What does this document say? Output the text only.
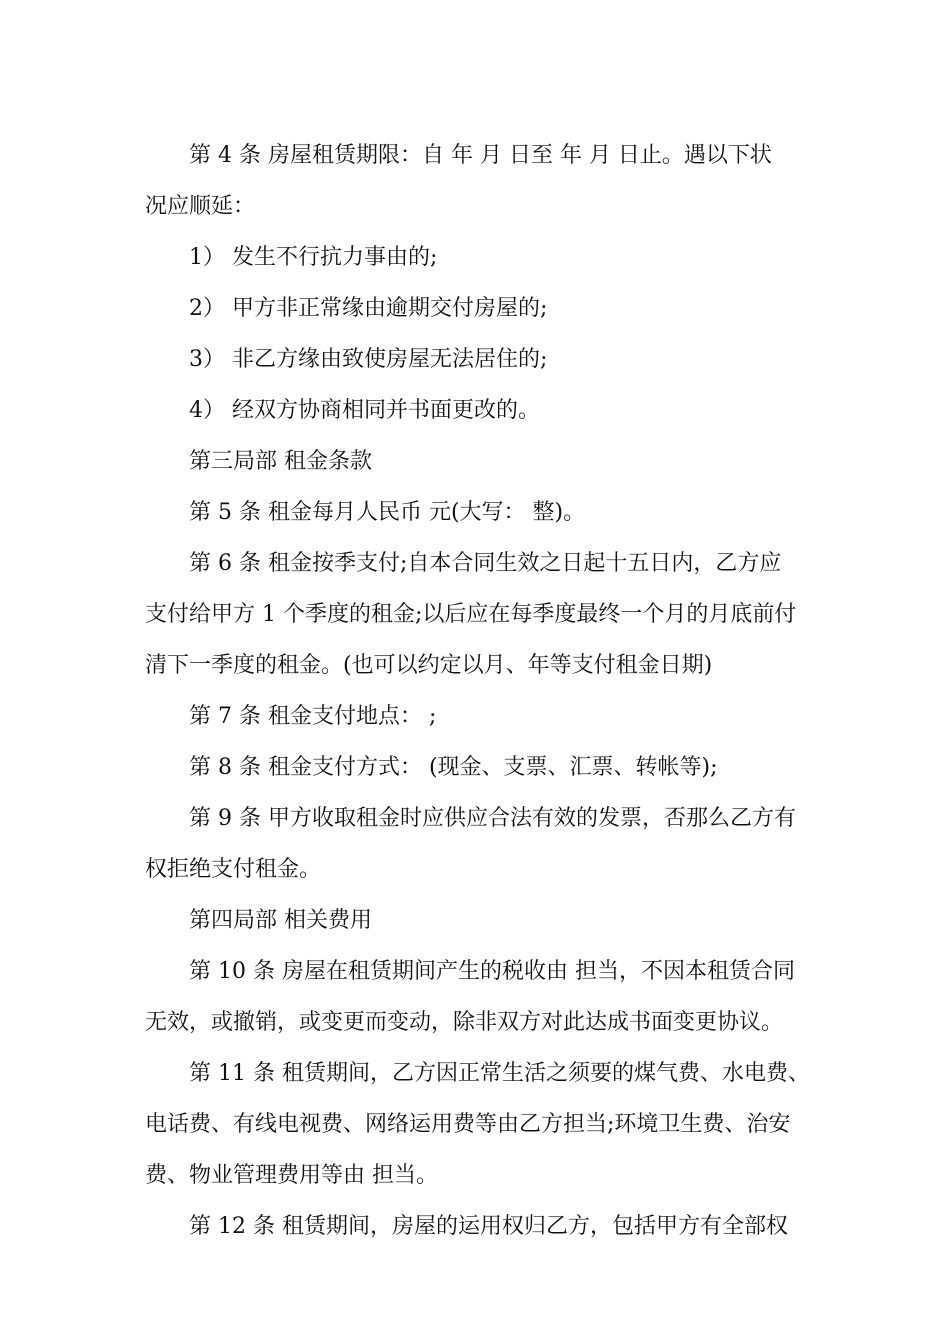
第 4 条 房屋租赁期限：自 年 月 日至 年 月 日止。遇以下状

况应顺延：

1） 发生不行抗力事由的;

2） 甲方非正常缘由逾期交付房屋的;

3） 非乙方缘由致使房屋无法居住的;

4） 经双方协商相同并书面更改的。

第三局部 租金条款

第 5 条 租金每月人民币 元(大写： 整)。

第 6 条 租金按季支付;自本合同生效之日起十五日内，乙方应

支付给甲方 1 个季度的租金;以后应在每季度最终一个月的月底前付

清下一季度的租金。(也可以约定以月、年等支付租金日期)

第 7 条 租金支付地点： ;

第 8 条 租金支付方式： (现金、支票、汇票、转帐等);

第 9 条 甲方收取租金时应供应合法有效的发票，否那么乙方有

权拒绝支付租金。

第四局部 相关费用

第 10 条 房屋在租赁期间产生的税收由 担当，不因本租赁合同

无效，或撤销，或变更而变动，除非双方对此达成书面变更协议。

第 11 条 租赁期间，乙方因正常生活之须要的煤气费、水电费、

电话费、有线电视费、网络运用费等由乙方担当;环境卫生费、治安

费、物业管理费用等由 担当。

第 12 条 租赁期间，房屋的运用权归乙方，包括甲方有全部权
